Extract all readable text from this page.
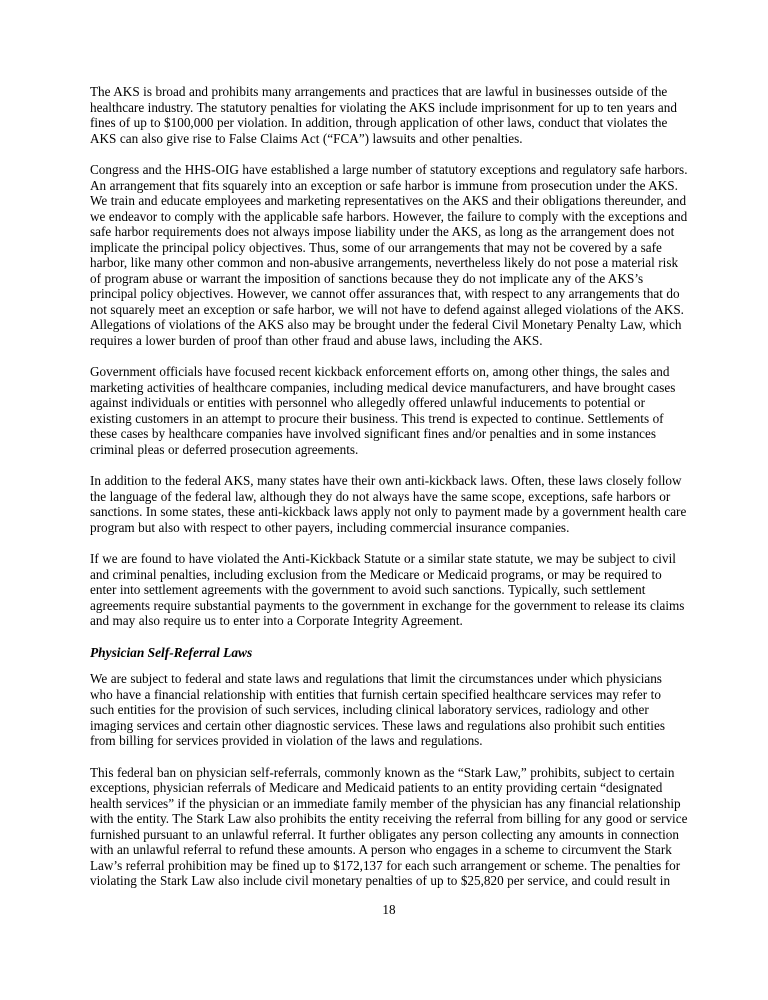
The AKS is broad and prohibits many arrangements and practices that are lawful in businesses outside of the healthcare industry. The statutory penalties for violating the AKS include imprisonment for up to ten years and fines of up to $100,000 per violation. In addition, through application of other laws, conduct that violates the AKS can also give rise to False Claims Act (“FCA”) lawsuits and other penalties.

Congress and the HHS-OIG have established a large number of statutory exceptions and regulatory safe harbors. An arrangement that fits squarely into an exception or safe harbor is immune from prosecution under the AKS. We train and educate employees and marketing representatives on the AKS and their obligations thereunder, and we endeavor to comply with the applicable safe harbors. However, the failure to comply with the exceptions and safe harbor requirements does not always impose liability under the AKS, as long as the arrangement does not implicate the principal policy objectives. Thus, some of our arrangements that may not be covered by a safe harbor, like many other common and non-abusive arrangements, nevertheless likely do not pose a material risk of program abuse or warrant the imposition of sanctions because they do not implicate any of the AKS’s principal policy objectives. However, we cannot offer assurances that, with respect to any arrangements that do not squarely meet an exception or safe harbor, we will not have to defend against alleged violations of the AKS. Allegations of violations of the AKS also may be brought under the federal Civil Monetary Penalty Law, which requires a lower burden of proof than other fraud and abuse laws, including the AKS.

Government officials have focused recent kickback enforcement efforts on, among other things, the sales and marketing activities of healthcare companies, including medical device manufacturers, and have brought cases against individuals or entities with personnel who allegedly offered unlawful inducements to potential or existing customers in an attempt to procure their business. This trend is expected to continue. Settlements of these cases by healthcare companies have involved significant fines and/or penalties and in some instances criminal pleas or deferred prosecution agreements.

In addition to the federal AKS, many states have their own anti-kickback laws. Often, these laws closely follow the language of the federal law, although they do not always have the same scope, exceptions, safe harbors or sanctions. In some states, these anti-kickback laws apply not only to payment made by a government health care program but also with respect to other payers, including commercial insurance companies.

If we are found to have violated the Anti-Kickback Statute or a similar state statute, we may be subject to civil and criminal penalties, including exclusion from the Medicare or Medicaid programs, or may be required to enter into settlement agreements with the government to avoid such sanctions. Typically, such settlement agreements require substantial payments to the government in exchange for the government to release its claims and may also require us to enter into a Corporate Integrity Agreement.

Physician Self-Referral Laws

We are subject to federal and state laws and regulations that limit the circumstances under which physicians who have a financial relationship with entities that furnish certain specified healthcare services may refer to such entities for the provision of such services, including clinical laboratory services, radiology and other imaging services and certain other diagnostic services. These laws and regulations also prohibit such entities from billing for services provided in violation of the laws and regulations.

This federal ban on physician self-referrals, commonly known as the “Stark Law,” prohibits, subject to certain exceptions, physician referrals of Medicare and Medicaid patients to an entity providing certain “designated health services” if the physician or an immediate family member of the physician has any financial relationship with the entity. The Stark Law also prohibits the entity receiving the referral from billing for any good or service furnished pursuant to an unlawful referral. It further obligates any person collecting any amounts in connection with an unlawful referral to refund these amounts. A person who engages in a scheme to circumvent the Stark Law’s referral prohibition may be fined up to $172,137 for each such arrangement or scheme. The penalties for violating the Stark Law also include civil monetary penalties of up to $25,820 per service, and could result in

18
